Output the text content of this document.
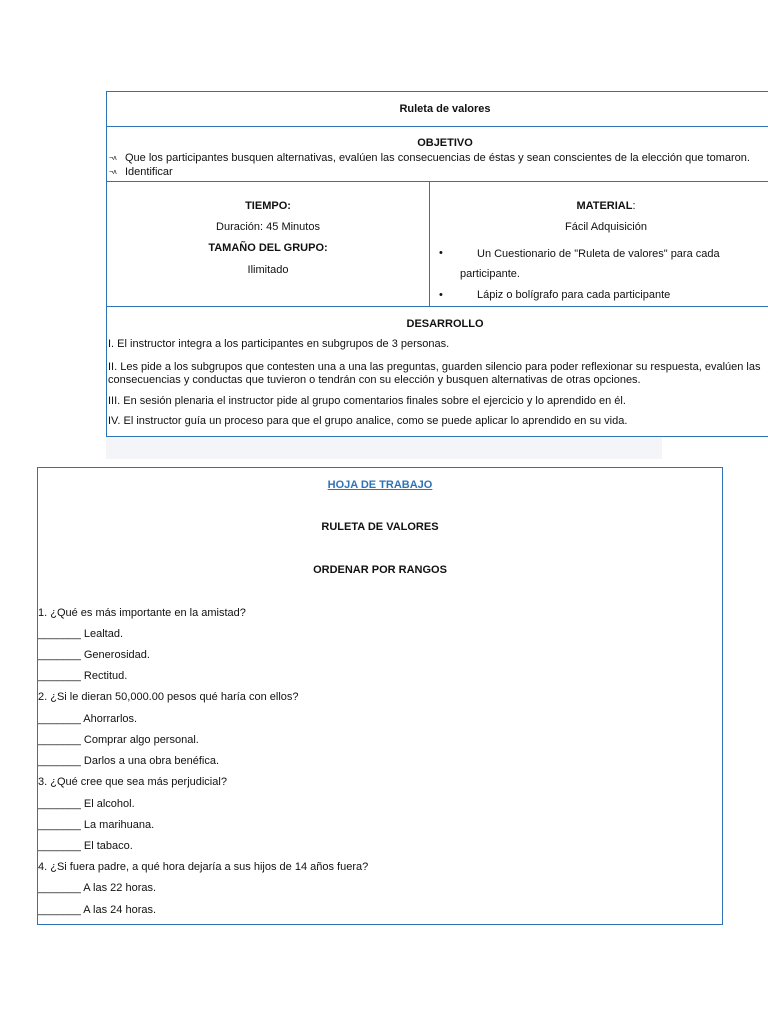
Ruleta de valores
OBJETIVO
¬ʌ Que los participantes busquen alternativas, evalúen las consecuencias de éstas y sean conscientes de la elección que tomaron.
¬ʌ Identificar
TIEMPO:
Duración: 45 Minutos
TAMAÑO DEL GRUPO:
Ilimitado
MATERIAL:
Fácil Adquisición
•	Un Cuestionario de "Ruleta de valores" para cada
participante.
•	Lápiz o bolígrafo para cada participante
DESARROLLO
I. El instructor integra a los participantes en subgrupos de 3 personas.
II. Les pide a los subgrupos que contesten una a una las preguntas, guarden silencio para poder reflexionar su respuesta, evalúen las
consecuencias y conductas que tuvieron o tendrán con su elección y busquen alternativas de otras opciones.
III. En sesión plenaria el instructor pide al grupo comentarios finales sobre el ejercicio y lo aprendido en él.
IV. El instructor guía un proceso para que el grupo analice, como se puede aplicar lo aprendido en su vida.
HOJA DE TRABAJO
RULETA DE VALORES
ORDENAR POR RANGOS
1. ¿Qué es más importante en la amistad?
_______ Lealtad.
_______ Generosidad.
_______ Rectitud.
2. ¿Si le dieran 50,000.00 pesos qué haría con ellos?
_______ Ahorrarlos.
_______ Comprar algo personal.
_______ Darlos a una obra benéfica.
3. ¿Qué cree que sea más perjudicial?
_______ El alcohol.
_______ La marihuana.
_______ El tabaco.
4. ¿Si fuera padre, a qué hora dejaría a sus hijos de 14 años fuera?
_______ A las 22 horas.
_______ A las 24 horas.
